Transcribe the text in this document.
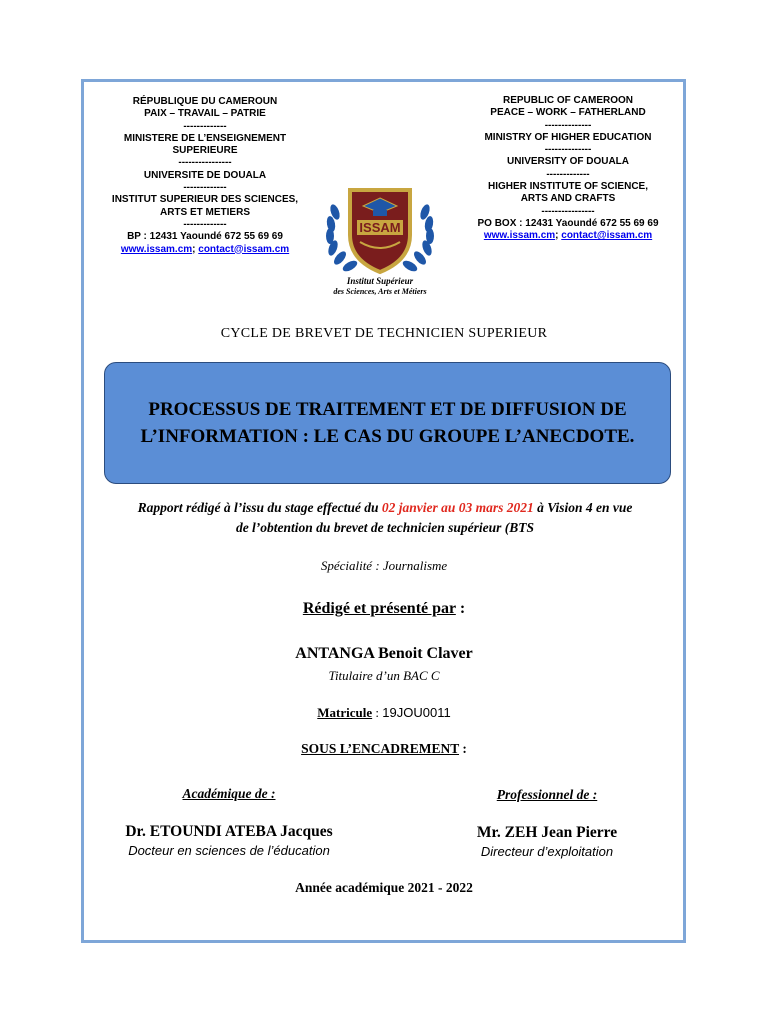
RÉPUBLIQUE DU CAMEROUN
PAIX – TRAVAIL – PATRIE
-------------
MINISTERE DE L’ENSEIGNEMENT
SUPERIEURE
----------------
UNIVERSITE DE DOUALA
-------------
INSTITUT SUPERIEUR DES SCIENCES,
ARTS ET METIERS
-------------
BP : 12431 Yaoundé 672 55 69 69
www.issam.cm; contact@issam.cm
REPUBLIC OF CAMEROON
PEACE – WORK – FATHERLAND
--------------
MINISTRY OF HIGHER EDUCATION
--------------
UNIVERSITY OF DOUALA
-------------
HIGHER INSTITUTE OF SCIENCE,
ARTS AND CRAFTS
----------------
PO BOX : 12431 Yaoundé 672 55 69 69
www.issam.cm; contact@issam.cm
ISSAM
Institut Supérieur
des Sciences, Arts et Métiers
CYCLE DE BREVET DE TECHNICIEN SUPERIEUR
PROCESSUS DE TRAITEMENT ET DE DIFFUSION DE
L’INFORMATION : LE CAS DU GROUPE L’ANECDOTE.
Rapport rédigé à l’issu du stage effectué du 02 janvier au 03 mars 2021 à Vision 4 en vue
de l’obtention du brevet de technicien supérieur (BTS
Spécialité : Journalisme
Rédigé et présenté par :
ANTANGA Benoit Claver
Titulaire d’un BAC C
Matricule : 19JOU0011
SOUS L’ENCADREMENT :
Académique de :	Professionnel de :
Dr. ETOUNDI ATEBA Jacques	Mr. ZEH Jean Pierre
Docteur en sciences de l’éducation	Directeur d’exploitation
Année académique 2021 - 2022
